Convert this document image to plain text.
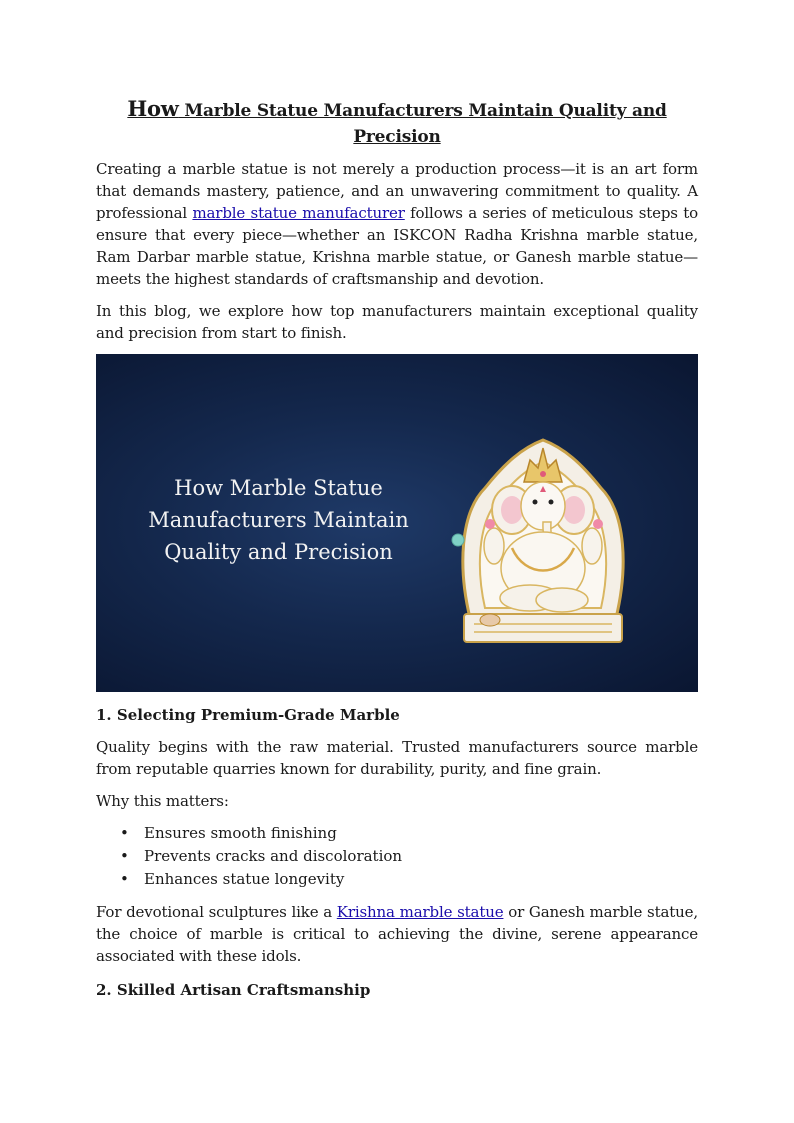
How Marble Statue Manufacturers Maintain Quality and Precision

Creating a marble statue is not merely a production process—it is an art form that demands mastery, patience, and an unwavering commitment to quality. A professional marble statue manufacturer follows a series of meticulous steps to ensure that every piece—whether an ISKCON Radha Krishna marble statue, Ram Darbar marble statue, Krishna marble statue, or Ganesh marble statue—meets the highest standards of craftsmanship and devotion.

In this blog, we explore how top manufacturers maintain exceptional quality and precision from start to finish.

How Marble Statue
Manufacturers Maintain
Quality and Precision
1. Selecting Premium-Grade Marble

Quality begins with the raw material. Trusted manufacturers source marble from reputable quarries known for durability, purity, and fine grain.

Why this matters:

• Ensures smooth finishing
• Prevents cracks and discoloration
• Enhances statue longevity

For devotional sculptures like a Krishna marble statue or Ganesh marble statue, the choice of marble is critical to achieving the divine, serene appearance associated with these idols.

2. Skilled Artisan Craftsmanship
